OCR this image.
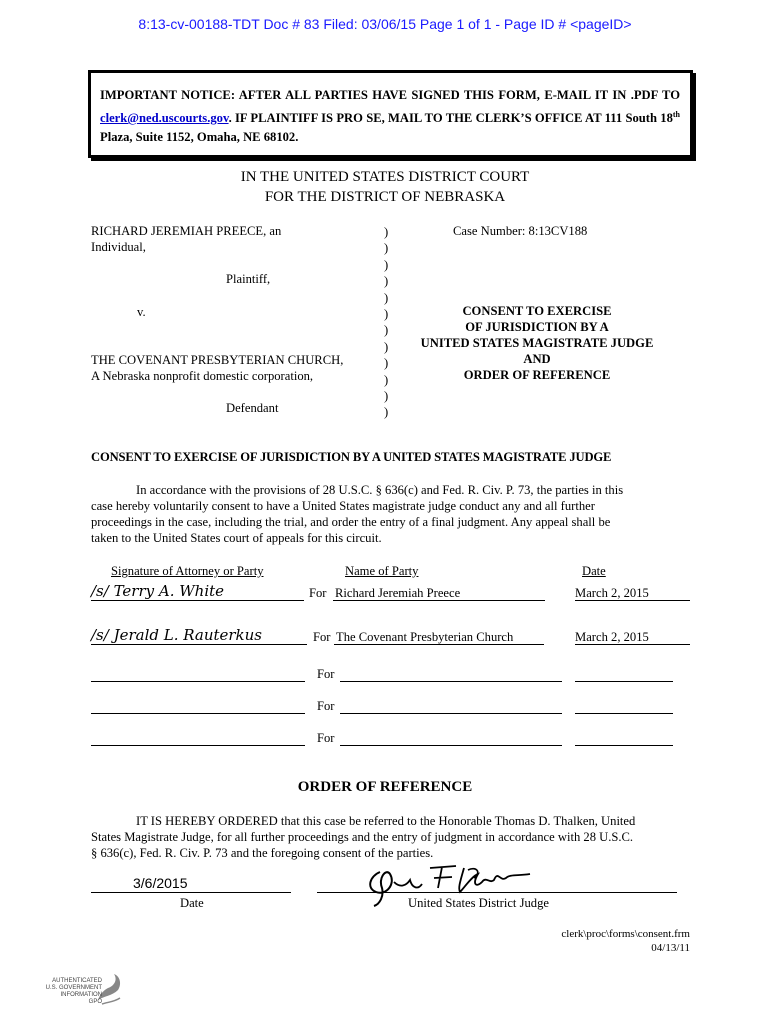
8:13-cv-00188-TDT Doc # 83 Filed: 03/06/15 Page 1 of 1 - Page ID # <pageID>
IMPORTANT NOTICE: AFTER ALL PARTIES HAVE SIGNED THIS FORM, E-MAIL IT IN .PDF TO clerk@ned.uscourts.gov. IF PLAINTIFF IS PRO SE, MAIL TO THE CLERK’S OFFICE AT 111 South 18th Plaza, Suite 1152, Omaha, NE 68102.
IN THE UNITED STATES DISTRICT COURT
FOR THE DISTRICT OF NEBRASKA
RICHARD JEREMIAH PREECE, an
Individual,
Plaintiff,
v.
THE COVENANT PRESBYTERIAN CHURCH,
A Nebraska nonprofit domestic corporation,
Defendant
)
)
)
)
)
)
)
)
)
)
)
)
Case Number: 8:13CV188
CONSENT TO EXERCISE
OF JURISDICTION BY A
UNITED STATES MAGISTRATE JUDGE
AND
ORDER OF REFERENCE
CONSENT TO EXERCISE OF JURISDICTION BY A UNITED STATES MAGISTRATE JUDGE
In accordance with the provisions of 28 U.S.C. § 636(c) and Fed. R. Civ. P. 73, the parties in this
case hereby voluntarily consent to have a United States magistrate judge conduct any and all further
proceedings in the case, including the trial, and order the entry of a final judgment. Any appeal shall be
taken to the United States court of appeals for this circuit.
Signature of Attorney or Party	Name of Party	Date
/s/ Terry A. White	For Richard Jeremiah Preece	March 2, 2015
/s/ Jerald L. Rauterkus	For The Covenant Presbyterian Church	March 2, 2015
For
For
For
ORDER OF REFERENCE
IT IS HEREBY ORDERED that this case be referred to the Honorable Thomas D. Thalken, United
States Magistrate Judge, for all further proceedings and the entry of judgment in accordance with 28 U.S.C.
§ 636(c), Fed. R. Civ. P. 73 and the foregoing consent of the parties.
3/6/2015
Date	United States District Judge
clerk\proc\forms\consent.frm
04/13/11
AUTHENTICATED
U.S. GOVERNMENT
INFORMATION
GPO
